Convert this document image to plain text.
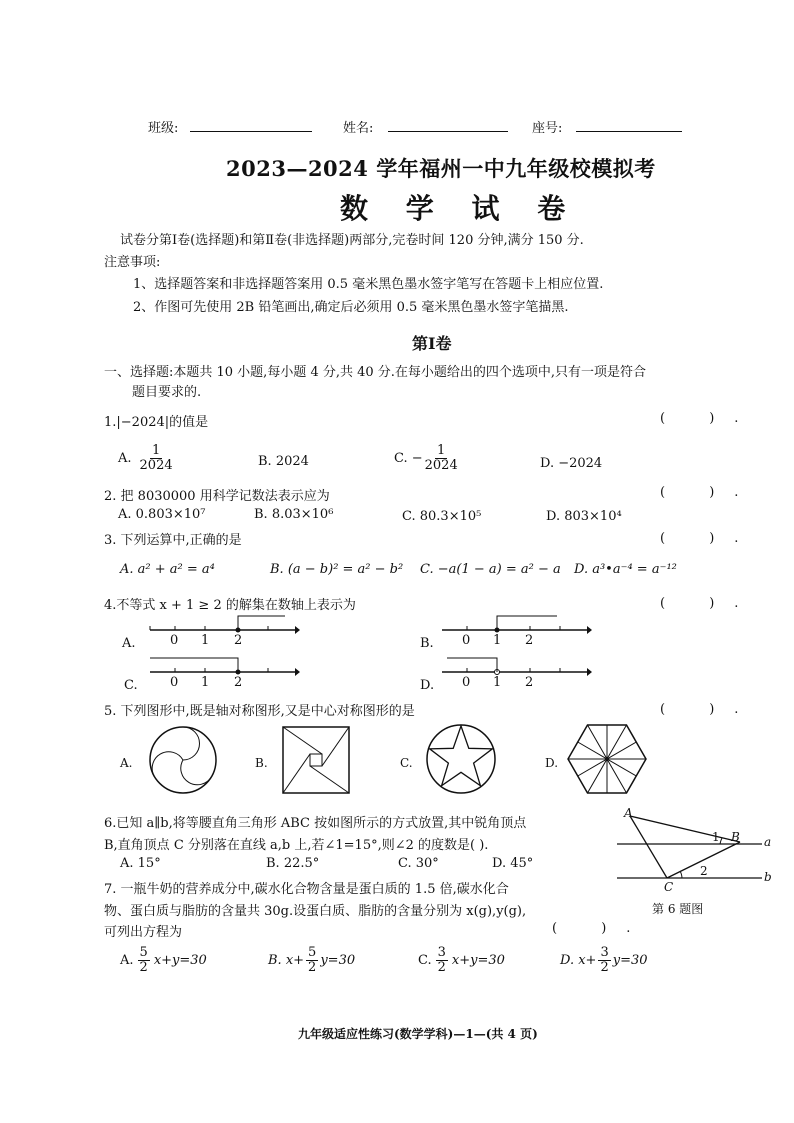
班级:	姓名:	座号:
2023—2024 学年福州一中九年级校模拟考
数 学 试 卷
试卷分第Ⅰ卷(选择题)和第Ⅱ卷(非选择题)两部分,完卷时间 120 分钟,满分 150 分.
注意事项:
1、选择题答案和非选择题答案用 0.5 毫米黑色墨水签字笔写在答题卡上相应位置.
2、作图可先使用 2B 铅笔画出,确定后必须用 0.5 毫米黑色墨水签字笔描黑.
第Ⅰ卷
一、选择题:本题共 10 小题,每小题 4 分,共 40 分.在每小题给出的四个选项中,只有一项是符合
题目要求的.
1.|−2024|的值是	( ).
A. $\frac{1}{2024}$	B. 2024	C. − $\frac{1}{2024}$	D. −2024
2. 把 8030000 用科学记数法表示应为	( ).
A. 0.803×10⁷	B. 8.03×10⁶	C. 80.3×10⁵	D. 803×10⁴
3. 下列运算中,正确的是	( ).
A. a² + a² = a⁴	B. (a − b)² = a² − b² C. −a(1 − a) = a² − a D. a³•a⁻⁴ = a⁻¹²
4.不等式 x + 1 ≥ 2 的解集在数轴上表示为	( ).
A.	0 1 2	B. 0 1 2
C. 0 1 2	D. 0 1 2
5. 下列图形中,既是轴对称图形,又是中心对称图形的是	( ).
A.	B.	C.	D.
6.已知 a∥b,将等腰直角三角形 ABC 按如图所示的方式放置,其中锐角顶点
B,直角顶点 C 分别落在直线 a,b 上,若∠1=15°,则∠2 的度数是( ).
A. 15°	B. 22.5°	C. 30°	D. 45°
A
B
C
a
b
1
2
第 6 题图
7. 一瓶牛奶的营养成分中,碳水化合物含量是蛋白质的 1.5 倍,碳水化合
物、蛋白质与脂肪的含量共 30g.设蛋白质、脂肪的含量分别为 x(g),y(g),
可列出方程为	( ).
A. $\frac{5}{2} x+y=30$	B. $x+ \frac{5}{2} y=30$	C. $\frac{3}{2} x+y=30$	D. $x+ \frac{3}{2} y=30$
九年级适应性练习(数学学科)—1—(共 4 页)
